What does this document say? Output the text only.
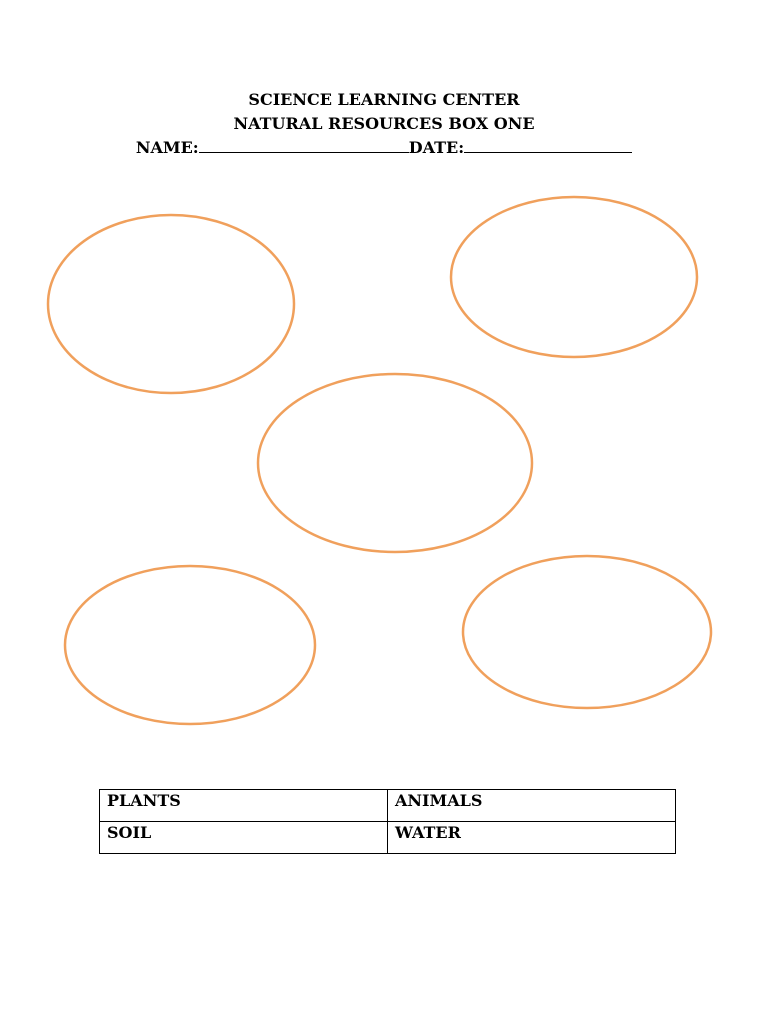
SCIENCE LEARNING CENTER
NATURAL RESOURCES BOX ONE
NAME:	DATE:
PLANTS	ANIMALS
SOIL	WATER
